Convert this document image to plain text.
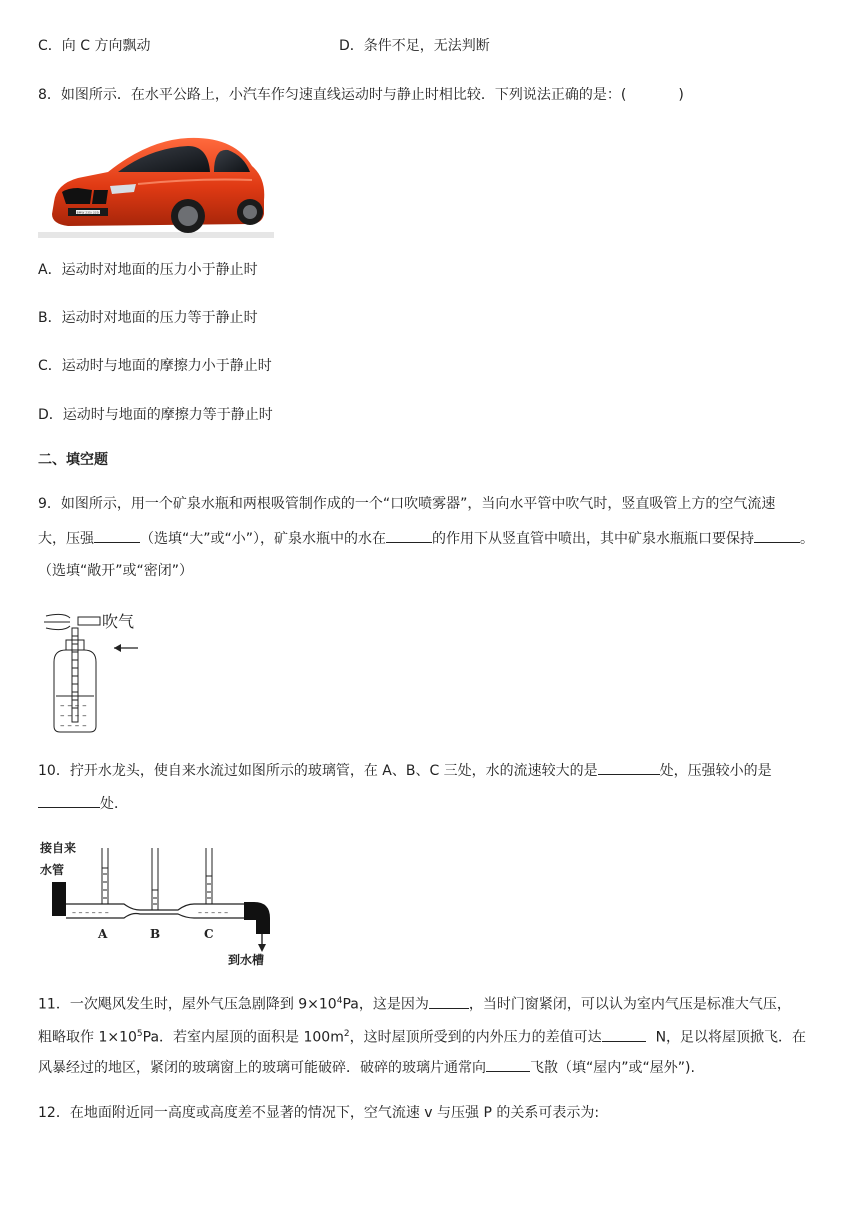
C．向 C 方向飘动	D．条件不足，无法判断
8．如图所示．在水平公路上，小汽车作匀速直线运动时与静止时相比较．下列说法正确的是：(	)
BMW 235i 335i
A．运动时对地面的压力小于静止时
B．运动时对地面的压力等于静止时
C．运动时与地面的摩擦力小于静止时
D．运动时与地面的摩擦力等于静止时
二、填空题
9．如图所示，用一个矿泉水瓶和两根吸管制作成的一个“口吹喷雾器”，当向水平管中吹气时，竖直吸管上方的空气流速
大，压强	（选填“大”或“小”），矿泉水瓶中的水在	的作用下从竖直管中喷出，其中矿泉水瓶瓶口要保持	。
（选填“敞开”或“密闭”）
吹气
– – – –
– – – –
– – – –
10．拧开水龙头，使自来水流过如图所示的玻璃管，在 A、B、C 三处，水的流速较大的是	处，压强较小的是
处．
接自来
水管
– – – – – –	– – – – –
A	B	C
到水槽
11．一次飓风发生时，屋外气压急剧降到 $9\times 10^4Pa$，这是因为	，当时门窗紧闭，可以认为室内气压是标准大气压，
粗略取作 $1\times 10^5Pa$．若室内屋顶的面积是 $100m^2$，这时屋顶所受到的内外压力的差值可达	N，足以将屋顶掀飞．在
风暴经过的地区，紧闭的玻璃窗上的玻璃可能破碎．破碎的玻璃片通常向	飞散（填“屋内”或“屋外”).
12．在地面附近同一高度或高度差不显著的情况下，空气流速 v 与压强 P 的关系可表示为:
